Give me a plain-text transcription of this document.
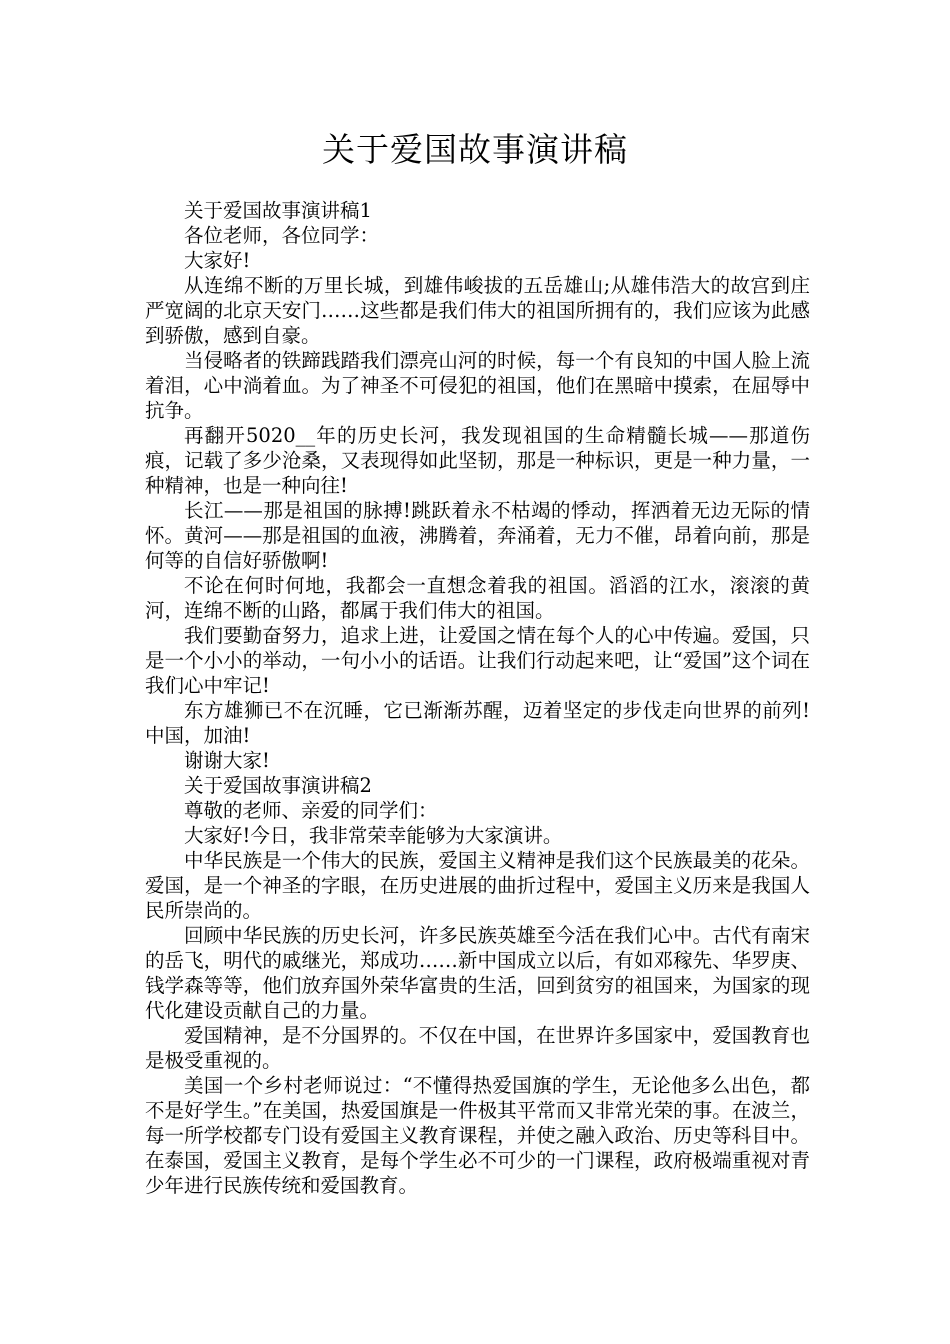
关于爱国故事演讲稿

关于爱国故事演讲稿1

各位老师，各位同学：

大家好!

从连绵不断的万里长城，到雄伟峻拔的五岳雄山;从雄伟浩大的故宫到庄严宽阔的北京天安门……这些都是我们伟大的祖国所拥有的，我们应该为此感到骄傲，感到自豪。

当侵略者的铁蹄践踏我们漂亮山河的时候，每一个有良知的中国人脸上流着泪，心中淌着血。为了神圣不可侵犯的祖国，他们在黑暗中摸索，在屈辱中抗争。

再翻开5020__年的历史长河，我发现祖国的生命精髓长城——那道伤痕，记载了多少沧桑，又表现得如此坚韧，那是一种标识，更是一种力量，一种精神，也是一种向往!

长江——那是祖国的脉搏!跳跃着永不枯竭的悸动，挥洒着无边无际的情怀。黄河——那是祖国的血液，沸腾着，奔涌着，无力不催，昂着向前，那是何等的自信好骄傲啊!

不论在何时何地，我都会一直想念着我的祖国。滔滔的江水，滚滚的黄河，连绵不断的山路，都属于我们伟大的祖国。

我们要勤奋努力，追求上进，让爱国之情在每个人的心中传遍。爱国，只是一个小小的举动，一句小小的话语。让我们行动起来吧，让“爱国”这个词在我们心中牢记!

东方雄狮已不在沉睡，它已渐渐苏醒，迈着坚定的步伐走向世界的前列!中国，加油!

谢谢大家!

关于爱国故事演讲稿2

尊敬的老师、亲爱的同学们：

大家好!今日，我非常荣幸能够为大家演讲。

中华民族是一个伟大的民族，爱国主义精神是我们这个民族最美的花朵。爱国，是一个神圣的字眼，在历史进展的曲折过程中，爱国主义历来是我国人民所崇尚的。

回顾中华民族的历史长河，许多民族英雄至今活在我们心中。古代有南宋的岳飞，明代的戚继光，郑成功……新中国成立以后，有如邓稼先、华罗庚、钱学森等等，他们放弃国外荣华富贵的生活，回到贫穷的祖国来，为国家的现代化建设贡献自己的力量。

爱国精神，是不分国界的。不仅在中国，在世界许多国家中，爱国教育也是极受重视的。

美国一个乡村老师说过：“不懂得热爱国旗的学生，无论他多么出色，都不是好学生。”在美国，热爱国旗是一件极其平常而又非常光荣的事。在波兰，每一所学校都专门设有爱国主义教育课程，并使之融入政治、历史等科目中。在泰国，爱国主义教育，是每个学生必不可少的一门课程，政府极端重视对青少年进行民族传统和爱国教育。
